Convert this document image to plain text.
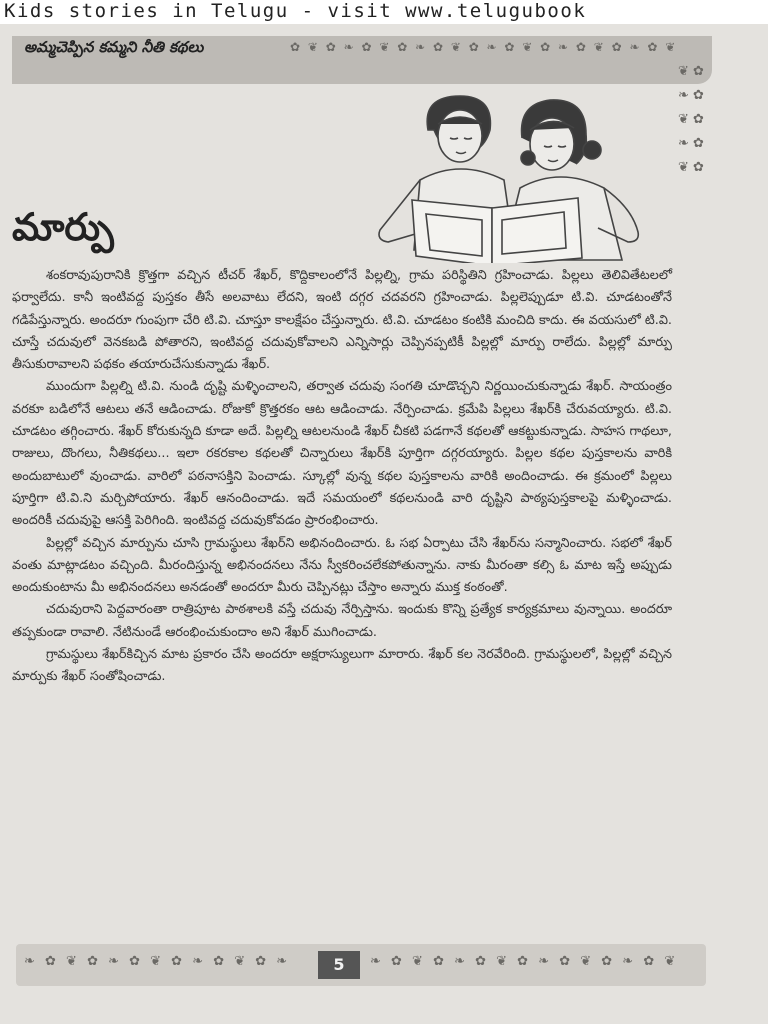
Kids stories in Telugu - visit www.telugubook
అమ్మచెప్పిన కమ్మని నీతి కథలు	✿ ❦ ✿ ❧ ✿ ❦ ✿ ❧ ✿ ❦ ✿ ❧ ✿ ❦ ✿ ❧ ✿ ❦ ✿ ❧ ✿ ❦
❦ ✿ ❧ ✿ ❦ ✿ ❧ ✿ ❦ ✿
మార్పు

శంకరావుపురానికి క్రొత్తగా వచ్చిన టీచర్ శేఖర్, కొద్దికాలంలోనే పిల్లల్ని, గ్రామ పరిస్థితిని గ్రహించాడు. పిల్లలు తెలివితేటలలో ఫర్వాలేదు. కానీ ఇంటివద్ద పుస్తకం తీసే అలవాటు లేదని, ఇంటి దగ్గర చదవరని గ్రహించాడు. పిల్లలెప్పుడూ టి.వి. చూడటంతోనే గడిపేస్తున్నారు. అందరూ గుంపుగా చేరి టి.వి. చూస్తూ కాలక్షేపం చేస్తున్నారు. టి.వి. చూడటం కంటికి మంచిది కాదు. ఈ వయసులో టి.వి. చూస్తే చదువులో వెనకబడి పోతారని, ఇంటివద్ద చదువుకోవాలని ఎన్నిసార్లు చెప్పినప్పటికీ పిల్లల్లో మార్పు రాలేదు. పిల్లల్లో మార్పు తీసుకురావాలని పథకం తయారుచేసుకున్నాడు శేఖర్.

ముందుగా పిల్లల్ని టి.వి. నుండి దృష్టి మళ్ళించాలని, తర్వాత చదువు సంగతి చూడొచ్చని నిర్ణయించుకున్నాడు శేఖర్. సాయంత్రం వరకూ బడిలోనే ఆటలు తనే ఆడించాడు. రోజుకో క్రొత్తరకం ఆట ఆడించాడు. నేర్పించాడు. క్రమేపి పిల్లలు శేఖర్‌కి చేరువయ్యారు. టి.వి. చూడటం తగ్గించారు. శేఖర్ కోరుకున్నది కూడా అదే. పిల్లల్ని ఆటలనుండి శేఖర్ చీకటి పడగానే కథలతో ఆకట్టుకున్నాడు. సాహస గాథలూ, రాజులు, దొంగలు, నీతికథలు... ఇలా రకరకాల కథలతో చిన్నారులు శేఖర్‌కి పూర్తిగా దగ్గరయ్యారు. పిల్లల కథల పుస్తకాలను వారికి అందుబాటులో వుంచాడు. వారిలో పఠనాసక్తిని పెంచాడు. స్కూల్లో వున్న కథల పుస్తకాలను వారికి అందించాడు. ఈ క్రమంలో పిల్లలు పూర్తిగా టి.వి.ని మర్చిపోయారు. శేఖర్ ఆనందించాడు. ఇదే సమయంలో కథలనుండి వారి దృష్టిని పాఠ్యపుస్తకాలపై మళ్ళించాడు. అందరికీ చదువుపై ఆసక్తి పెరిగింది. ఇంటివద్ద చదువుకోవడం ప్రారంభించారు.

పిల్లల్లో వచ్చిన మార్పును చూసి గ్రామస్థులు శేఖర్‌ని అభినందించారు. ఓ సభ ఏర్పాటు చేసి శేఖర్‌ను సన్మానించారు. సభలో శేఖర్ వంతు మాట్లాడటం వచ్చింది. మీరందిస్తున్న అభినందనలు నేను స్వీకరించలేకపోతున్నాను. నాకు మీరంతా కల్సి ఓ మాట ఇస్తే అప్పుడు అందుకుంటాను మీ అభినందనలు అనడంతో అందరూ మీరు చెప్పినట్లు చేస్తాం అన్నారు ముక్త కంఠంతో.

చదువురాని పెద్దవారంతా రాత్రిపూట పాఠశాలకి వస్తే చదువు నేర్పిస్తాను. ఇందుకు కొన్ని ప్రత్యేక కార్యక్రమాలు వున్నాయి. అందరూ తప్పకుండా రావాలి. నేటినుండే ఆరంభించుకుందాం అని శేఖర్ ముగించాడు.

గ్రామస్థులు శేఖర్‌కిచ్చిన మాట ప్రకారం చేసి అందరూ అక్షరాస్యులుగా మారారు. శేఖర్ కల నెరవేరింది. గ్రామస్థులలో, పిల్లల్లో వచ్చిన మార్పుకు శేఖర్ సంతోషించాడు.

❧ ✿ ❦ ✿ ❧ ✿ ❦ ✿ ❧ ✿ ❦ ✿ ❧	❧ ✿ ❦ ✿ ❧ ✿ ❦ ✿ ❧ ✿ ❦ ✿ ❧ ✿ ❦
5
